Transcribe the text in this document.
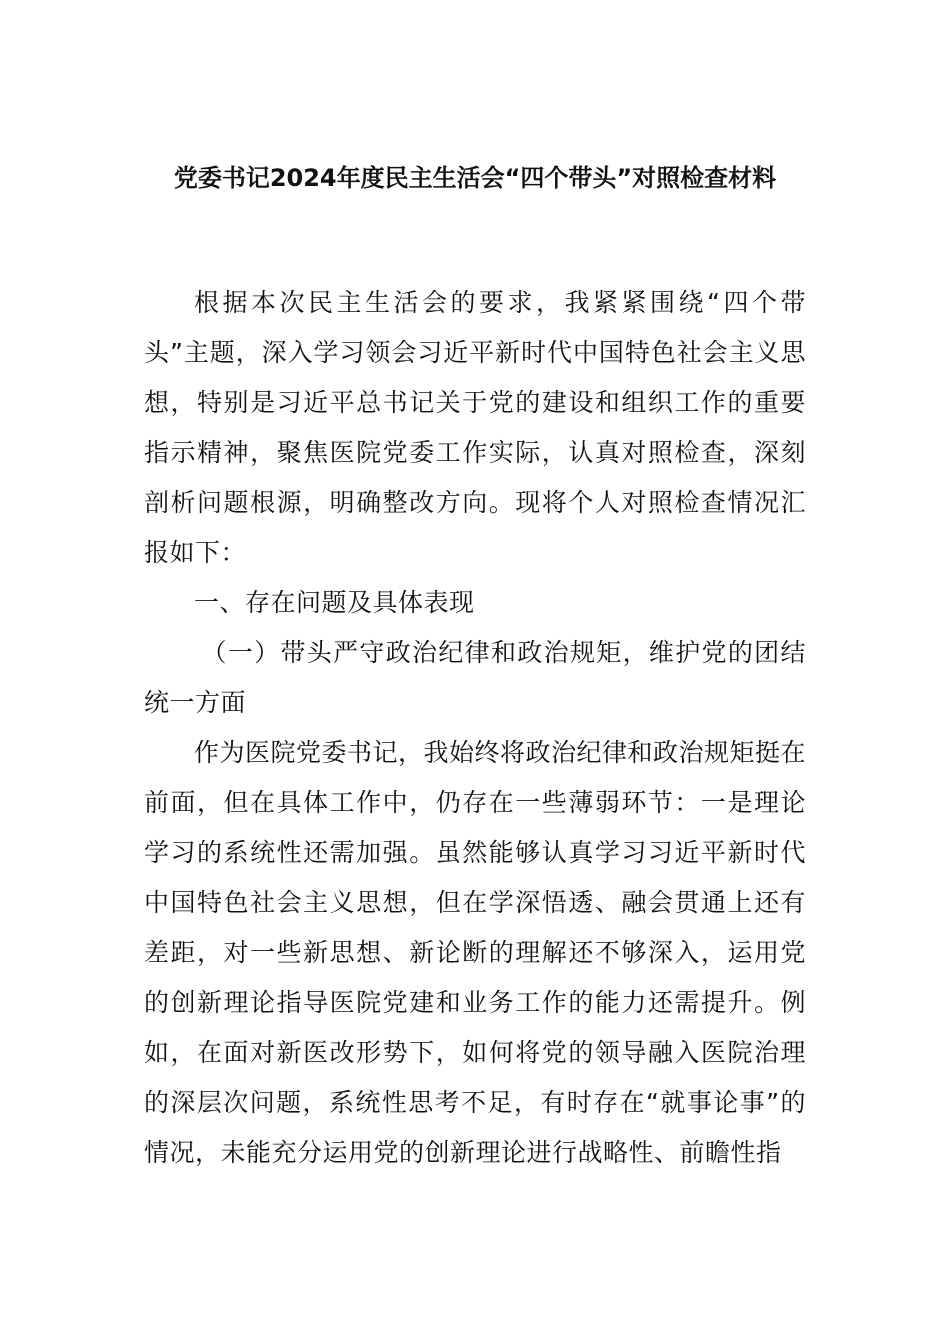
党委书记2024年度民主生活会“四个带头”对照检查材料

根据本次民主生活会的要求，我紧紧围绕“四个带头”主题，深入学习领会习近平新时代中国特色社会主义思想，特别是习近平总书记关于党的建设和组织工作的重要指示精神，聚焦医院党委工作实际，认真对照检查，深刻剖析问题根源，明确整改方向。现将个人对照检查情况汇报如下：

一、存在问题及具体表现

（一）带头严守政治纪律和政治规矩，维护党的团结统一方面

作为医院党委书记，我始终将政治纪律和政治规矩挺在前面，但在具体工作中，仍存在一些薄弱环节：一是理论学习的系统性还需加强。虽然能够认真学习习近平新时代中国特色社会主义思想，但在学深悟透、融会贯通上还有差距，对一些新思想、新论断的理解还不够深入，运用党的创新理论指导医院党建和业务工作的能力还需提升。例如，在面对新医改形势下，如何将党的领导融入医院治理的深层次问题，系统性思考不足，有时存在“就事论事”的情况，未能充分运用党的创新理论进行战略性、前瞻性指
